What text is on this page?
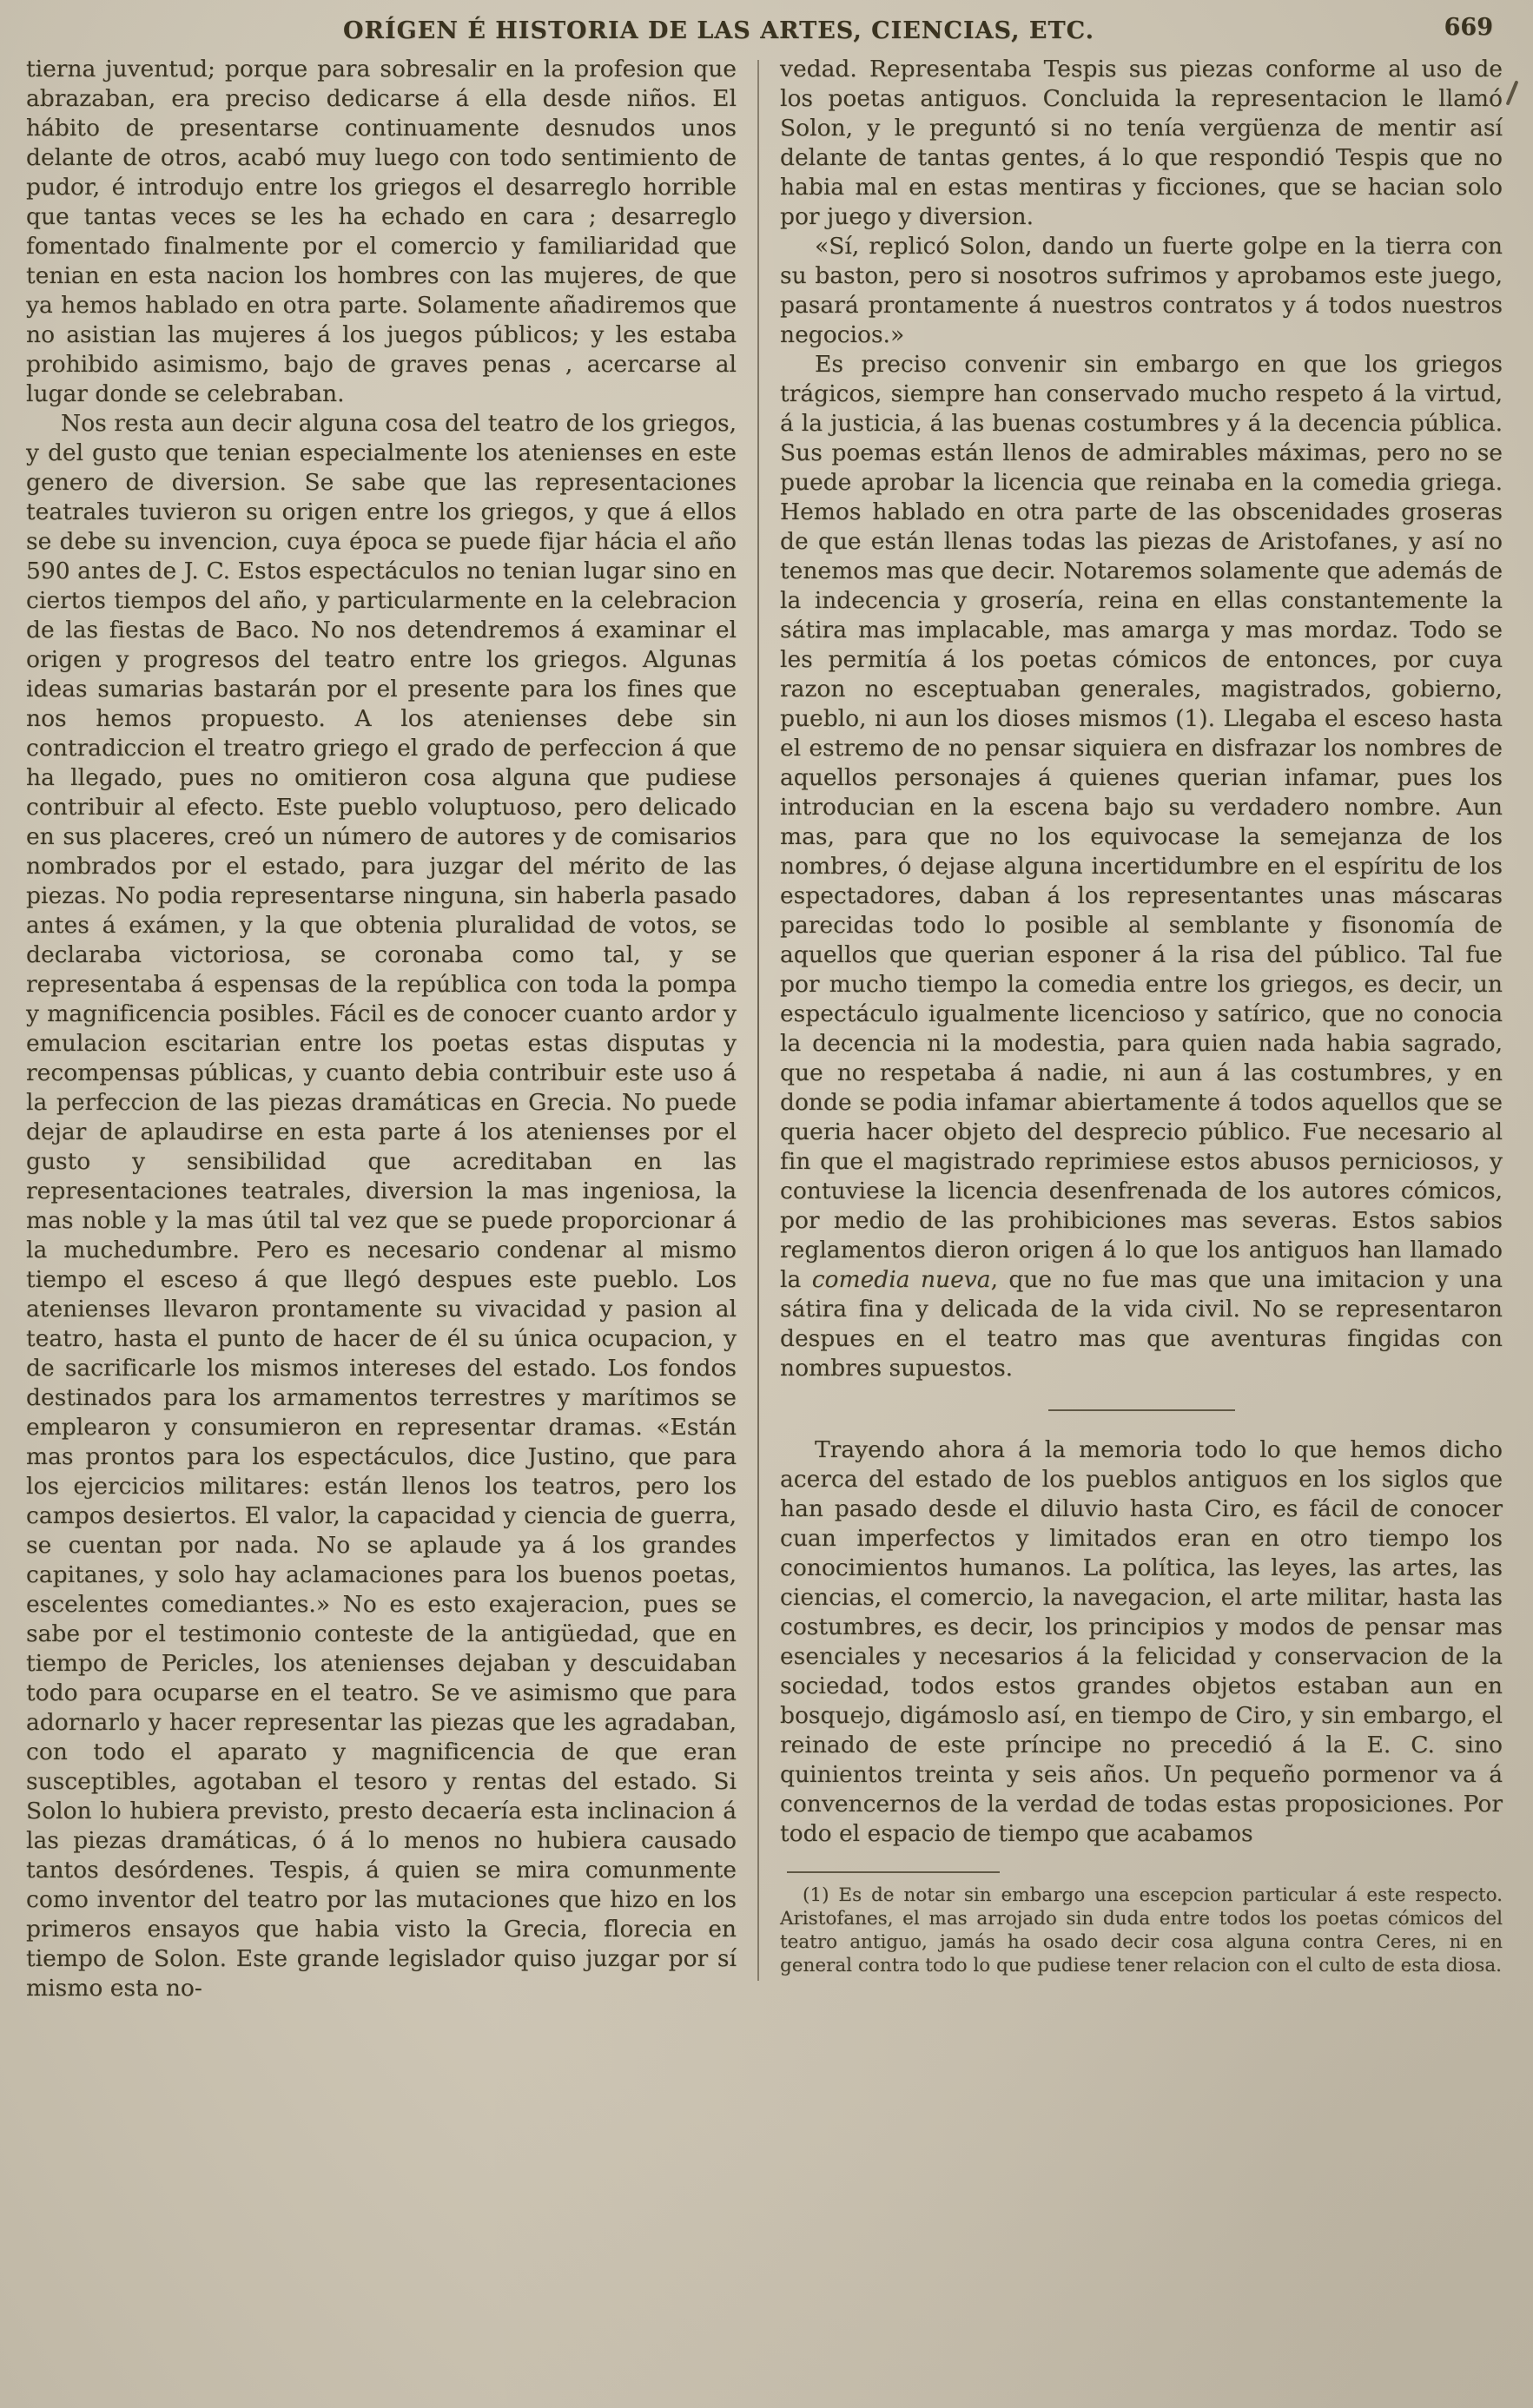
ORÍGEN É HISTORIA DE LAS ARTES, CIENCIAS, ETC.	669

tierna juventud; porque para sobresalir en la profesion que abrazaban, era preciso dedicarse á ella desde niños. El hábito de presentarse continuamente desnudos unos delante de otros, acabó muy luego con todo sentimiento de pudor, é introdujo entre los griegos el desarreglo horrible que tantas veces se les ha echado en cara ; desarreglo fomentado finalmente por el comercio y familiaridad que tenian en esta nacion los hombres con las mujeres, de que ya hemos hablado en otra parte. Solamente añadiremos que no asistian las mujeres á los juegos públicos; y les estaba prohibido asimismo, bajo de graves penas , acercarse al lugar donde se celebraban.

Nos resta aun decir alguna cosa del teatro de los griegos, y del gusto que tenian especialmente los atenienses en este genero de diversion. Se sabe que las representaciones teatrales tuvieron su origen entre los griegos, y que á ellos se debe su invencion, cuya época se puede fijar hácia el año 590 antes de J. C. Estos espectáculos no tenian lugar sino en ciertos tiempos del año, y particularmente en la celebracion de las fiestas de Baco. No nos detendremos á examinar el origen y progresos del teatro entre los griegos. Algunas ideas sumarias bastarán por el presente para los fines que nos hemos propuesto. A los atenienses debe sin contradiccion el treatro griego el grado de perfeccion á que ha llegado, pues no omitieron cosa alguna que pudiese contribuir al efecto. Este pueblo voluptuoso, pero delicado en sus placeres, creó un número de autores y de comisarios nombrados por el estado, para juzgar del mérito de las piezas. No podia representarse ninguna, sin haberla pasado antes á exámen, y la que obtenia pluralidad de votos, se declaraba victoriosa, se coronaba como tal, y se representaba á espensas de la república con toda la pompa y magnificencia posibles. Fácil es de conocer cuanto ardor y emulacion escitarian entre los poetas estas disputas y recompensas públicas, y cuanto debia contribuir este uso á la perfeccion de las piezas dramáticas en Grecia. No puede dejar de aplaudirse en esta parte á los atenienses por el gusto y sensibilidad que acreditaban en las representaciones teatrales, diversion la mas ingeniosa, la mas noble y la mas útil tal vez que se puede proporcionar á la muchedumbre. Pero es necesario condenar al mismo tiempo el esceso á que llegó despues este pueblo. Los atenienses llevaron prontamente su vivacidad y pasion al teatro, hasta el punto de hacer de él su única ocupacion, y de sacrificarle los mismos intereses del estado. Los fondos destinados para los armamentos terrestres y marítimos se emplearon y consumieron en representar dramas. «Están mas prontos para los espectáculos, dice Justino, que para los ejercicios militares: están llenos los teatros, pero los campos desiertos. El valor, la capacidad y ciencia de guerra, se cuentan por nada. No se aplaude ya á los grandes capitanes, y solo hay aclamaciones para los buenos poetas, escelentes comediantes.» No es esto exajeracion, pues se sabe por el testimonio conteste de la antigüedad, que en tiempo de Pericles, los atenienses dejaban y descuidaban todo para ocuparse en el teatro. Se ve asimismo que para adornarlo y hacer representar las piezas que les agradaban, con todo el aparato y magnificencia de que eran susceptibles, agotaban el tesoro y rentas del estado. Si Solon lo hubiera previsto, presto decaería esta inclinacion á las piezas dramáticas, ó á lo menos no hubiera causado tantos desórdenes. Tespis, á quien se mira comunmente como inventor del teatro por las mutaciones que hizo en los primeros ensayos que habia visto la Grecia, florecia en tiempo de Solon. Este grande legislador quiso juzgar por sí mismo esta no-

vedad. Representaba Tespis sus piezas conforme al uso de los poetas antiguos. Concluida la representacion le llamó Solon, y le preguntó si no tenía vergüenza de mentir así delante de tantas gentes, á lo que respondió Tespis que no habia mal en estas mentiras y ficciones, que se hacian solo por juego y diversion.

«Sí, replicó Solon, dando un fuerte golpe en la tierra con su baston, pero si nosotros sufrimos y aprobamos este juego, pasará prontamente á nuestros contratos y á todos nuestros negocios.»

Es preciso convenir sin embargo en que los griegos trágicos, siempre han conservado mucho respeto á la virtud, á la justicia, á las buenas costumbres y á la decencia pública. Sus poemas están llenos de admirables máximas, pero no se puede aprobar la licencia que reinaba en la comedia griega. Hemos hablado en otra parte de las obscenidades groseras de que están llenas todas las piezas de Aristofanes, y así no tenemos mas que decir. Notaremos solamente que además de la indecencia y grosería, reina en ellas constantemente la sátira mas implacable, mas amarga y mas mordaz. Todo se les permitía á los poetas cómicos de entonces, por cuya razon no esceptuaban generales, magistrados, gobierno, pueblo, ni aun los dioses mismos (1). Llegaba el esceso hasta el estremo de no pensar siquiera en disfrazar los nombres de aquellos personajes á quienes querian infamar, pues los introducian en la escena bajo su verdadero nombre. Aun mas, para que no los equivocase la semejanza de los nombres, ó dejase alguna incertidumbre en el espíritu de los espectadores, daban á los representantes unas máscaras parecidas todo lo posible al semblante y fisonomía de aquellos que querian esponer á la risa del público. Tal fue por mucho tiempo la comedia entre los griegos, es decir, un espectáculo igualmente licencioso y satírico, que no conocia la decencia ni la modestia, para quien nada habia sagrado, que no respetaba á nadie, ni aun á las costumbres, y en donde se podia infamar abiertamente á todos aquellos que se queria hacer objeto del desprecio público. Fue necesario al fin que el magistrado reprimiese estos abusos perniciosos, y contuviese la licencia desenfrenada de los autores cómicos, por medio de las prohibiciones mas severas. Estos sabios reglamentos dieron origen á lo que los antiguos han llamado la comedia nueva, que no fue mas que una imitacion y una sátira fina y delicada de la vida civil. No se representaron despues en el teatro mas que aventuras fingidas con nombres supuestos.

Trayendo ahora á la memoria todo lo que hemos dicho acerca del estado de los pueblos antiguos en los siglos que han pasado desde el diluvio hasta Ciro, es fácil de conocer cuan imperfectos y limitados eran en otro tiempo los conocimientos humanos. La política, las leyes, las artes, las ciencias, el comercio, la navegacion, el arte militar, hasta las costumbres, es decir, los principios y modos de pensar mas esenciales y necesarios á la felicidad y conservacion de la sociedad, todos estos grandes objetos estaban aun en bosquejo, digámoslo así, en tiempo de Ciro, y sin embargo, el reinado de este príncipe no precedió á la E. C. sino quinientos treinta y seis años. Un pequeño pormenor va á convencernos de la verdad de todas estas proposiciones. Por todo el espacio de tiempo que acabamos

(1) Es de notar sin embargo una escepcion particular á este respecto. Aristofanes, el mas arrojado sin duda entre todos los poetas cómicos del teatro antiguo, jamás ha osado decir cosa alguna contra Ceres, ni en general contra todo lo que pudiese tener relacion con el culto de esta diosa.
